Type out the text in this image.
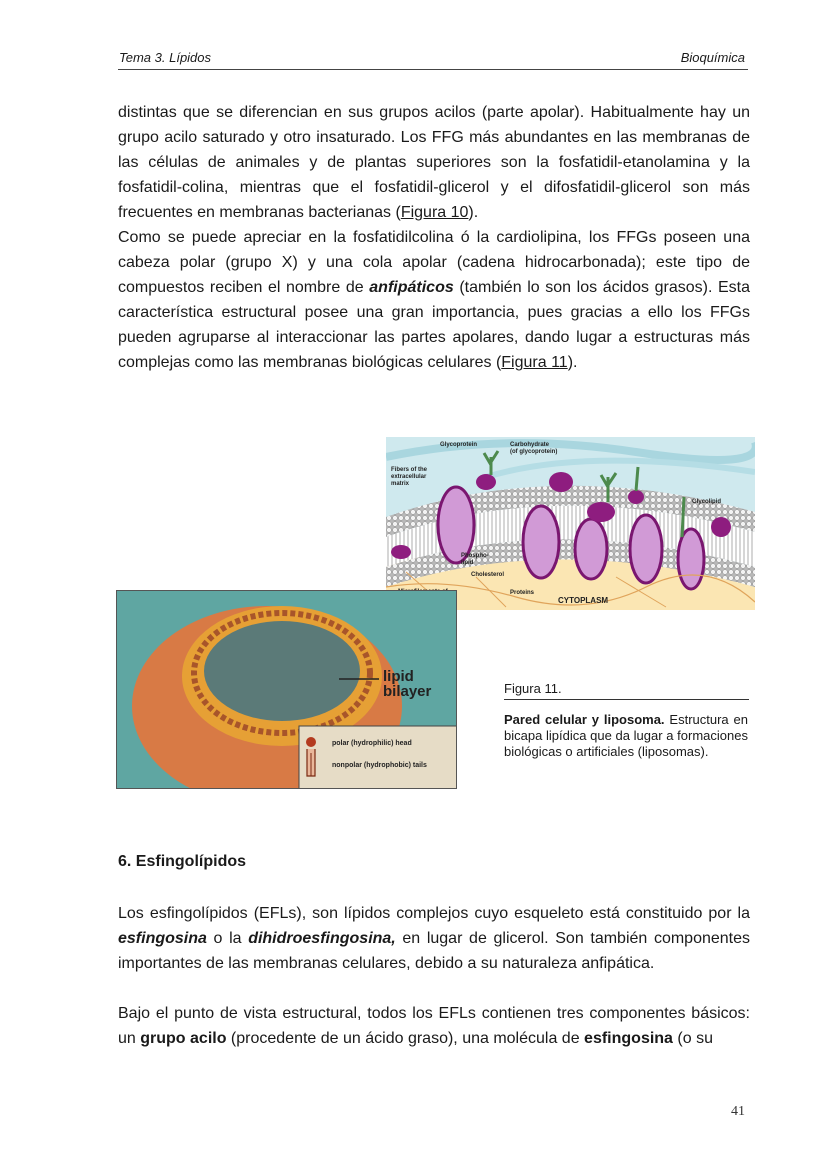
Tema 3. Lípidos	Bioquímica
distintas que se diferencian en sus grupos acilos (parte apolar). Habitualmente hay un grupo acilo saturado y otro insaturado. Los FFG más abundantes en las membranas de las células de animales y de plantas superiores son la fosfatidil-etanolamina y la fosfatidil-colina, mientras que el fosfatidil-glicerol y el difosfatidil-glicerol son más frecuentes en membranas bacterianas (Figura 10).
Como se puede apreciar en la fosfatidilcolina ó la cardiolipina, los FFGs poseen una cabeza polar (grupo X) y una cola apolar (cadena hidrocarbonada); este tipo de compuestos reciben el nombre de anfipáticos (también lo son los ácidos grasos). Esta característica estructural posee una gran importancia, pues gracias a ello los FFGs pueden agruparse al interaccionar las partes apolares, dando lugar a estructuras más complejas como las membranas biológicas celulares (Figura 11).
Glycoprotein	Carbohydrate
(of glycoprotein)
Fibers of the
extracellular
matrix
Glycolipid
Phospho-
lipid
Cholesterol
Proteins
CYTOPLASM
lipid
bilayer
polar (hydrophilic) head
nonpolar (hydrophobic) tails
Figura 11.
Pared celular y liposoma. Estructura en bicapa lipídica que da lugar a formaciones biológicas o artificiales (liposomas).
6. Esfingolípidos
Los esfingolípidos (EFLs), son lípidos complejos cuyo esqueleto está constituido por la esfingosina o la dihidroesfingosina, en lugar de glicerol. Son también componentes importantes de las membranas celulares, debido a su naturaleza anfipática.
Bajo el punto de vista estructural, todos los EFLs contienen tres componentes básicos: un grupo acilo (procedente de un ácido graso), una molécula de esfingosina (o su
41
